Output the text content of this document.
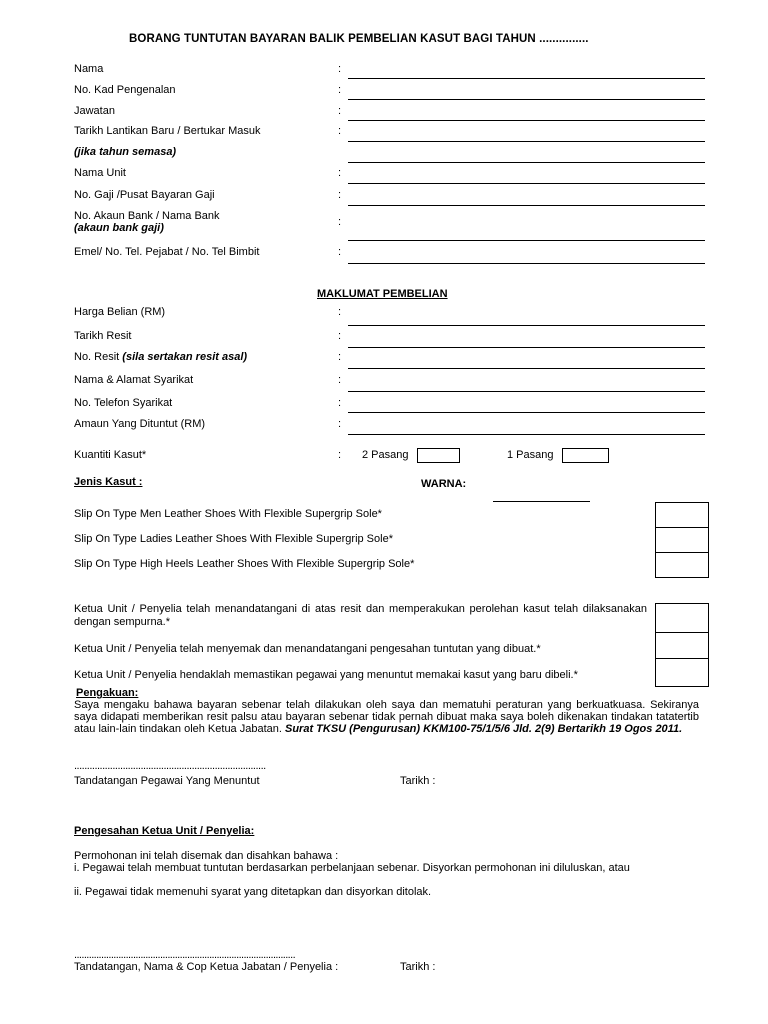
BORANG TUNTUTAN BAYARAN BALIK PEMBELIAN KASUT BAGI TAHUN ...............
Nama	:
No. Kad Pengenalan	:
Jawatan	:
Tarikh Lantikan Baru / Bertukar Masuk	:
(jika tahun semasa)
Nama Unit	:
No. Gaji /Pusat Bayaran Gaji	:
No. Akaun Bank / Nama Bank
(akaun bank gaji)	:
Emel/ No. Tel. Pejabat / No. Tel Bimbit	:
MAKLUMAT PEMBELIAN
Harga Belian (RM)	:
Tarikh Resit	:
No. Resit (sila sertakan resit asal)	:
Nama & Alamat Syarikat	:
No. Telefon Syarikat	:
Amaun Yang Dituntut (RM)	:
Kuantiti Kasut*	: 2 Pasang	1 Pasang
Jenis Kasut :	WARNA:
Slip On Type Men Leather Shoes With Flexible Supergrip Sole*
Slip On Type Ladies Leather Shoes With Flexible Supergrip Sole*
Slip On Type High Heels Leather Shoes With Flexible Supergrip Sole*
Ketua Unit / Penyelia telah menandatangani di atas resit dan memperakukan perolehan kasut telah dilaksanakan dengan sempurna.*
Ketua Unit / Penyelia telah menyemak dan menandatangani pengesahan tuntutan yang dibuat.*
Ketua Unit / Penyelia hendaklah memastikan pegawai yang menuntut memakai kasut yang baru dibeli.*
Pengakuan:
Saya mengaku bahawa bayaran sebenar telah dilakukan oleh saya dan mematuhi peraturan yang berkuatkuasa. Sekiranya saya didapati memberikan resit palsu atau bayaran sebenar tidak pernah dibuat maka saya boleh dikenakan tindakan tatatertib atau lain-lain tindakan oleh Ketua Jabatan. Surat TKSU (Pengurusan) KKM100-75/1/5/6 Jld. 2(9) Bertarikh 19 Ogos 2011.
...........................................................................
Tandatangan Pegawai Yang Menuntut	Tarikh :
Pengesahan Ketua Unit / Penyelia:
Permohonan ini telah disemak dan disahkan bahawa :
i. Pegawai telah membuat tuntutan berdasarkan perbelanjaan sebenar. Disyorkan permohonan ini diluluskan, atau
ii. Pegawai tidak memenuhi syarat yang ditetapkan dan disyorkan ditolak.
..........................................................................................
Tandatangan, Nama & Cop Ketua Jabatan / Penyelia :	Tarikh :
